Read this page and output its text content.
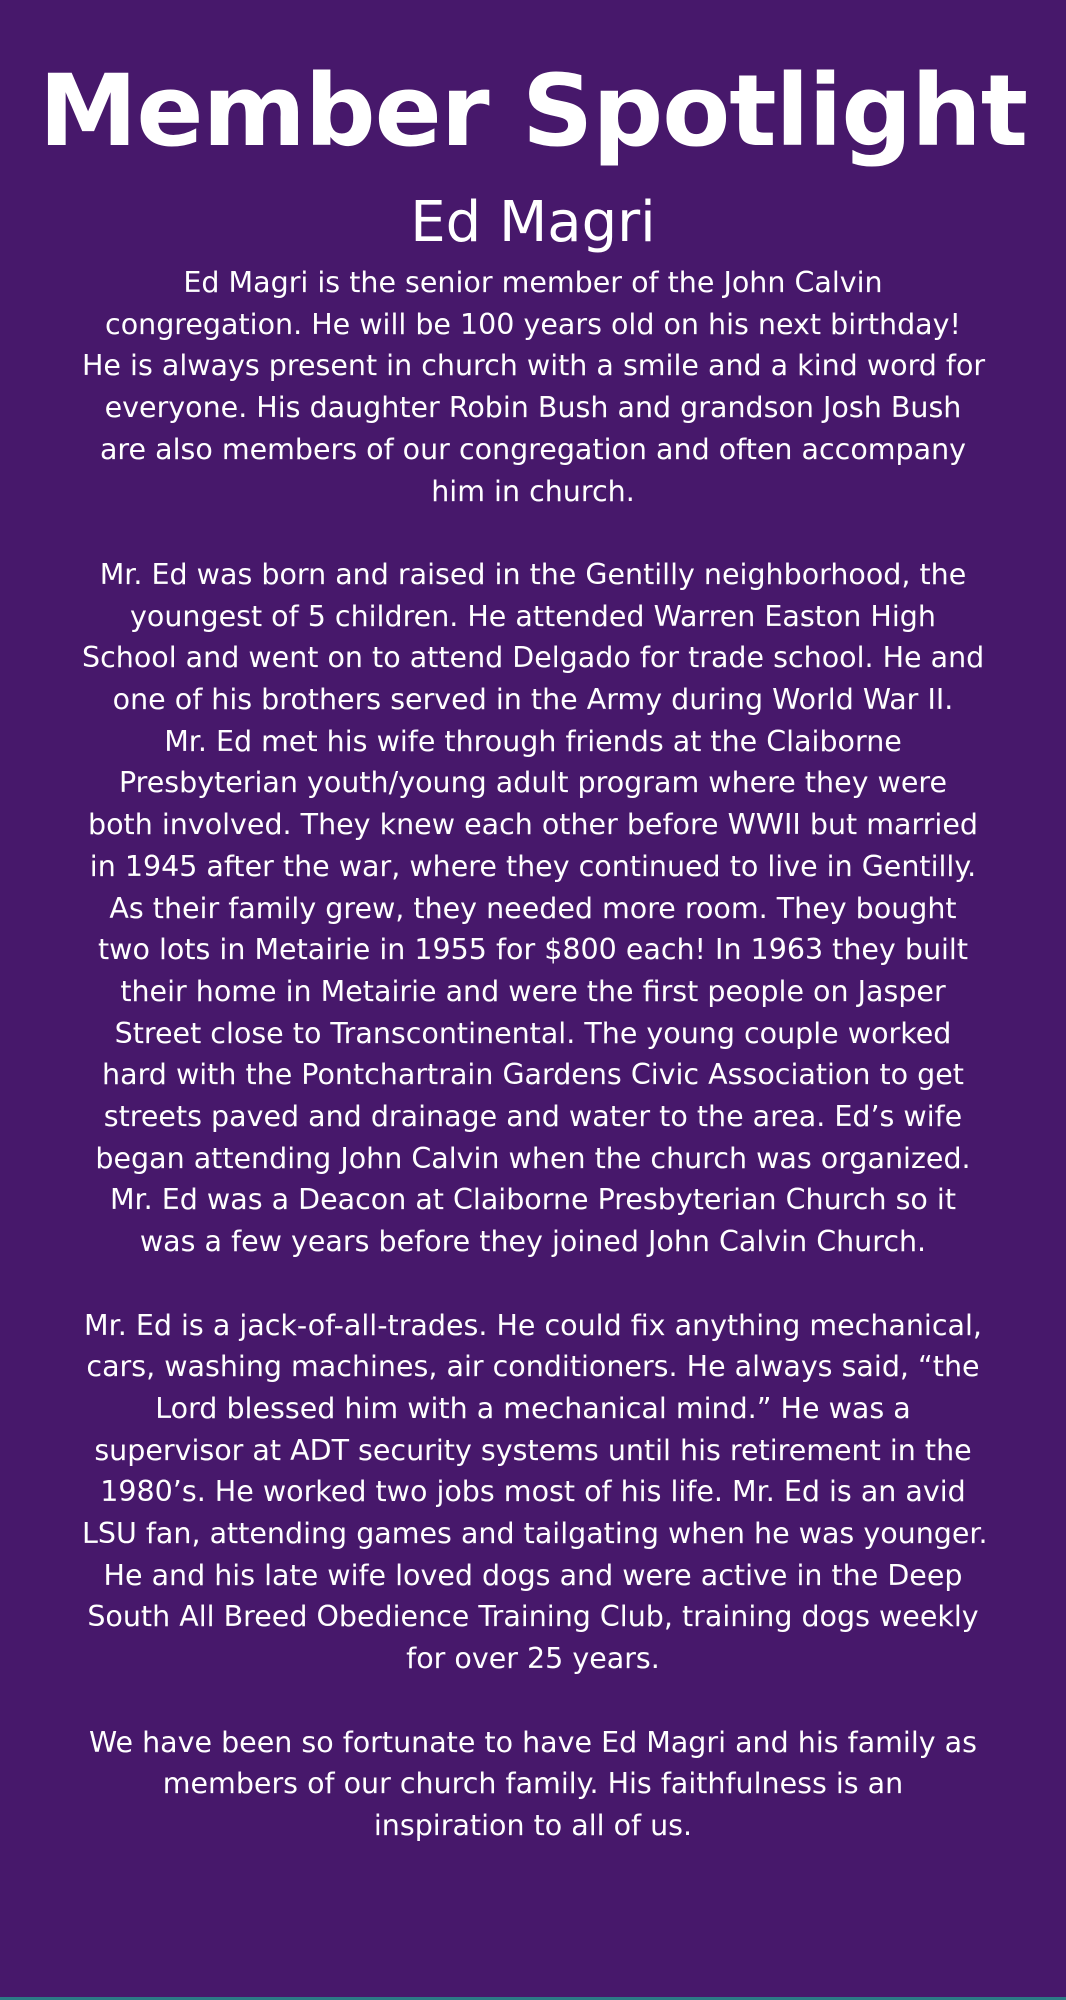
Member Spotlight
Ed Magri

Ed Magri is the senior member of the John Calvin
congregation. He will be 100 years old on his next birthday!
He is always present in church with a smile and a kind word for
everyone. His daughter Robin Bush and grandson Josh Bush
are also members of our congregation and often accompany
him in church.

Mr. Ed was born and raised in the Gentilly neighborhood, the
youngest of 5 children. He attended Warren Easton High
School and went on to attend Delgado for trade school. He and
one of his brothers served in the Army during World War II.
Mr. Ed met his wife through friends at the Claiborne
Presbyterian youth/young adult program where they were
both involved. They knew each other before WWII but married
in 1945 after the war, where they continued to live in Gentilly.
As their family grew, they needed more room. They bought
two lots in Metairie in 1955 for $800 each! In 1963 they built
their home in Metairie and were the first people on Jasper
Street close to Transcontinental. The young couple worked
hard with the Pontchartrain Gardens Civic Association to get
streets paved and drainage and water to the area. Ed’s wife
began attending John Calvin when the church was organized.
Mr. Ed was a Deacon at Claiborne Presbyterian Church so it
was a few years before they joined John Calvin Church.

Mr. Ed is a jack-of-all-trades. He could fix anything mechanical,
cars, washing machines, air conditioners. He always said, “the
Lord blessed him with a mechanical mind.” He was a
supervisor at ADT security systems until his retirement in the
1980’s. He worked two jobs most of his life. Mr. Ed is an avid
LSU fan, attending games and tailgating when he was younger.
He and his late wife loved dogs and were active in the Deep
South All Breed Obedience Training Club, training dogs weekly
for over 25 years.

We have been so fortunate to have Ed Magri and his family as
members of our church family. His faithfulness is an
inspiration to all of us.
